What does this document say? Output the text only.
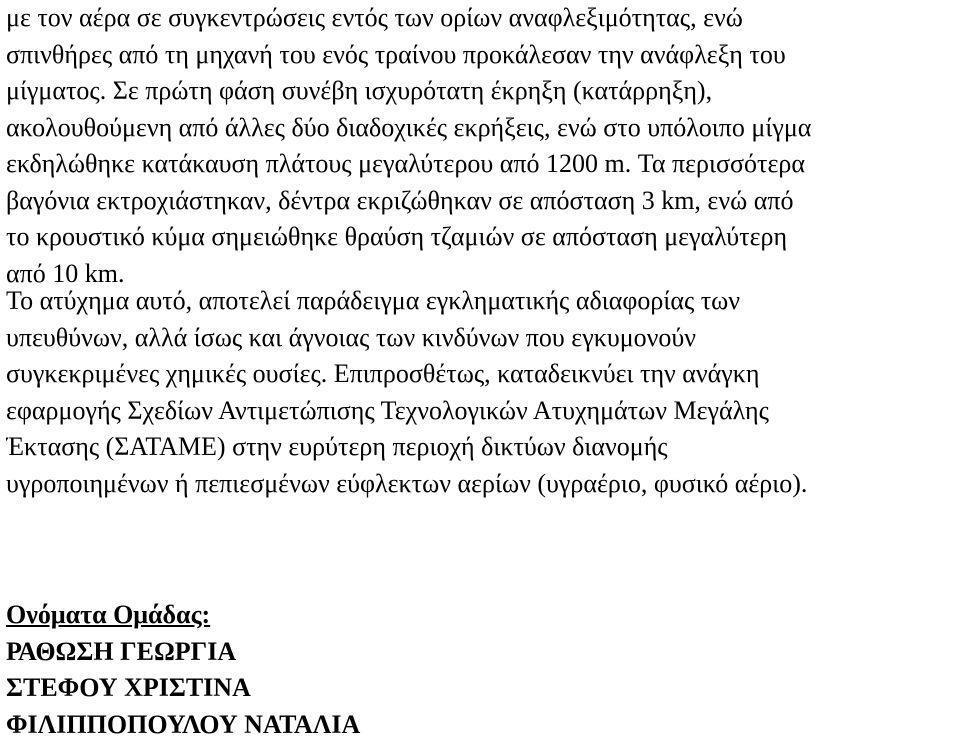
με τον αέρα σε συγκεντρώσεις εντός των ορίων αναφλεξιμότητας, ενώ
σπινθήρες από τη μηχανή του ενός τραίνου προκάλεσαν την ανάφλεξη του
μίγματος. Σε πρώτη φάση συνέβη ισχυρότατη έκρηξη (κατάρρηξη),
ακολουθούμενη από άλλες δύο διαδοχικές εκρήξεις, ενώ στο υπόλοιπο μίγμα
εκδηλώθηκε κατάκαυση πλάτους μεγαλύτερου από 1200 m. Τα περισσότερα
βαγόνια εκτροχιάστηκαν, δέντρα εκριζώθηκαν σε απόσταση 3 km, ενώ από
το κρουστικό κύμα σημειώθηκε θραύση τζαμιών σε απόσταση μεγαλύτερη
από 10 km.

Το ατύχημα αυτό, αποτελεί παράδειγμα εγκληματικής αδιαφορίας των
υπευθύνων, αλλά ίσως και άγνοιας των κινδύνων που εγκυμονούν
συγκεκριμένες χημικές ουσίες. Επιπροσθέτως, καταδεικνύει την ανάγκη
εφαρμογής Σχεδίων Αντιμετώπισης Τεχνολογικών Ατυχημάτων Μεγάλης
Έκτασης (ΣΑΤΑΜΕ) στην ευρύτερη περιοχή δικτύων διανομής
υγροποιημένων ή πεπιεσμένων εύφλεκτων αερίων (υγραέριο, φυσικό αέριο).

Ονόματα Ομάδας:
ΡΑΘΩΣΗ ΓΕΩΡΓΙΑ
ΣΤΕΦΟΥ ΧΡΙΣΤΙΝΑ
ΦΙΛΙΠΠΟΠΟΥΛΟΥ ΝΑΤΑΛΙΑ
